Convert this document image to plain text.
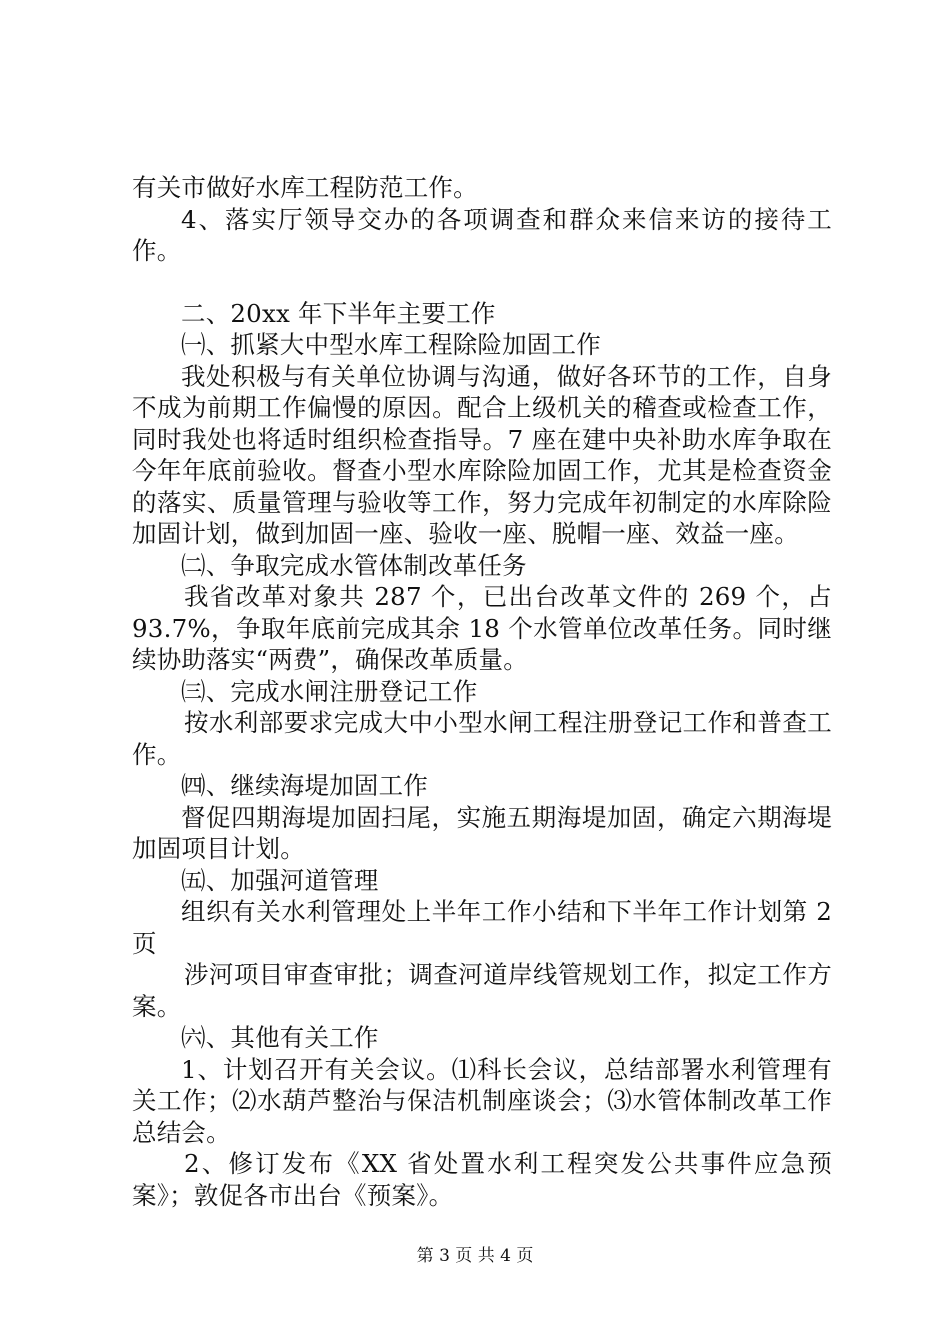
有关市做好水库工程防范工作。

4、落实厅领导交办的各项调查和群众来信来访的接待工作。

二、20xx 年下半年主要工作

㈠、抓紧大中型水库工程除险加固工作

我处积极与有关单位协调与沟通，做好各环节的工作，自身不成为前期工作偏慢的原因。配合上级机关的稽查或检查工作，同时我处也将适时组织检查指导。7 座在建中央补助水库争取在今年年底前验收。督查小型水库除险加固工作，尤其是检查资金的落实、质量管理与验收等工作，努力完成年初制定的水库除险加固计划，做到加固一座、验收一座、脱帽一座、效益一座。

㈡、争取完成水管体制改革任务

我省改革对象共 287 个，已出台改革文件的 269 个，占 93.7%，争取年底前完成其余 18 个水管单位改革任务。同时继续协助落实“两费”，确保改革质量。

㈢、完成水闸注册登记工作

按水利部要求完成大中小型水闸工程注册登记工作和普查工作。

㈣、继续海堤加固工作

督促四期海堤加固扫尾，实施五期海堤加固，确定六期海堤加固项目计划。

㈤、加强河道管理

组织有关水利管理处上半年工作小结和下半年工作计划第 2 页

涉河项目审查审批；调查河道岸线管规划工作，拟定工作方案。

㈥、其他有关工作

1、计划召开有关会议。⑴科长会议，总结部署水利管理有关工作；⑵水葫芦整治与保洁机制座谈会；⑶水管体制改革工作总结会。

2、修订发布《XX 省处置水利工程突发公共事件应急预案》；敦促各市出台《预案》。

第 3 页 共 4 页
